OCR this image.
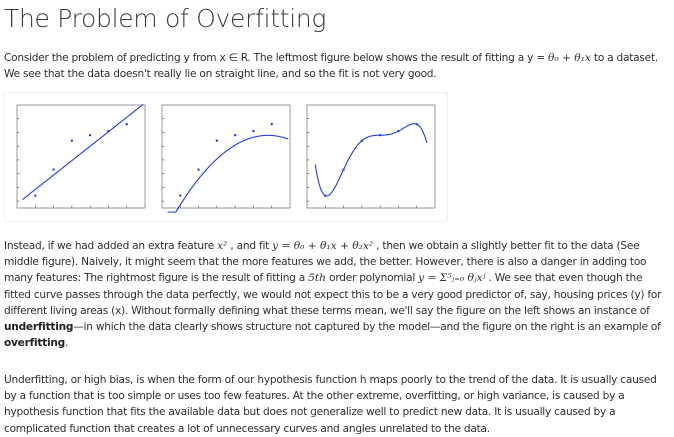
The Problem of Overfitting
Consider the problem of predicting y from x ∈ R. The leftmost figure below shows the result of fitting a y = θ₀ + θ₁x to a dataset. We see that the data doesn't really lie on straight line, and so the fit is not very good.
Instead, if we had added an extra feature x² , and fit y = θ₀ + θ₁x + θ₂x² , then we obtain a slightly better fit to the data (See middle figure). Naively, it might seem that the more features we add, the better. However, there is also a danger in adding too many features: The rightmost figure is the result of fitting a 5th order polynomial y = Σ⁵ⱼ₌₀ θⱼxʲ . We see that even though the fitted curve passes through the data perfectly, we would not expect this to be a very good predictor of, say, housing prices (y) for different living areas (x). Without formally defining what these terms mean, we'll say the figure on the left shows an instance of underfitting—in which the data clearly shows structure not captured by the model—and the figure on the right is an example of overfitting.
Underfitting, or high bias, is when the form of our hypothesis function h maps poorly to the trend of the data. It is usually caused by a function that is too simple or uses too few features. At the other extreme, overfitting, or high variance, is caused by a hypothesis function that fits the available data but does not generalize well to predict new data. It is usually caused by a complicated function that creates a lot of unnecessary curves and angles unrelated to the data.
